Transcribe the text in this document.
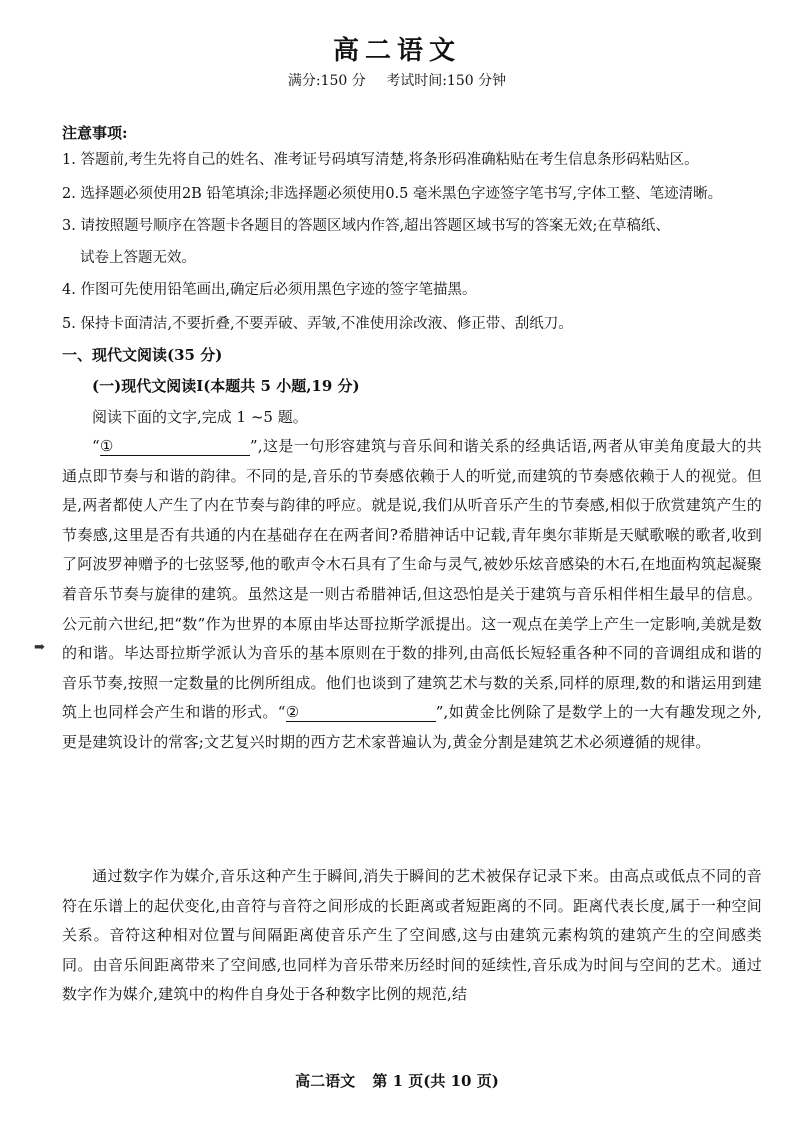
高二语文
满分:150 分 考试时间:150 分钟
注意事项:
1. 答题前,考生先将自己的姓名、准考证号码填写清楚,将条形码准确粘贴在考生信息条形码粘贴区。
2. 选择题必须使用2B 铅笔填涂;非选择题必须使用0.5 毫米黑色字迹签字笔书写,字体工整、笔迹清晰。
3. 请按照题号顺序在答题卡各题目的答题区域内作答,超出答题区域书写的答案无效;在草稿纸、
试卷上答题无效。
4. 作图可先使用铅笔画出,确定后必须用黑色字迹的签字笔描黑。
5. 保持卡面清洁,不要折叠,不要弄破、弄皱,不准使用涂改液、修正带、刮纸刀。
一、现代文阅读(35 分)
(一)现代文阅读Ⅰ(本题共 5 小题,19 分)
阅读下面的文字,完成 1 ~5 题。
➡
“①	”,这是一句形容建筑与音乐间和谐关系的经典话语,两者从审美角度最大的共通点即节奏与和谐的韵律。不同的是,音乐的节奏感依赖于人的听觉,而建筑的节奏感依赖于人的视觉。但是,两者都使人产生了内在节奏与韵律的呼应。就是说,我们从听音乐产生的节奏感,相似于欣赏建筑产生的节奏感,这里是否有共通的内在基础存在在两者间?希腊神话中记载,青年奥尔菲斯是天赋歌喉的歌者,收到了阿波罗神赠予的七弦竖琴,他的歌声令木石具有了生命与灵气,被妙乐炫音感染的木石,在地面构筑起凝聚着音乐节奏与旋律的建筑。虽然这是一则古希腊神话,但这恐怕是关于建筑与音乐相伴相生最早的信息。公元前六世纪,把“数”作为世界的本原由毕达哥拉斯学派提出。这一观点在美学上产生一定影响,美就是数的和谐。毕达哥拉斯学派认为音乐的基本原则在于数的排列,由高低长短轻重各种不同的音调组成和谐的音乐节奏,按照一定数量的比例所组成。他们也谈到了建筑艺术与数的关系,同样的原理,数的和谐运用到建筑上也同样会产生和谐的形式。“②	”,如黄金比例除了是数学上的一大有趣发现之外,更是建筑设计的常客;文艺复兴时期的西方艺术家普遍认为,黄金分割是建筑艺术必须遵循的规律。
通过数字作为媒介,音乐这种产生于瞬间,消失于瞬间的艺术被保存记录下来。由高点或低点不同的音符在乐谱上的起伏变化,由音符与音符之间形成的长距离或者短距离的不同。距离代表长度,属于一种空间关系。音符这种相对位置与间隔距离使音乐产生了空间感,这与由建筑元素构筑的建筑产生的空间感类同。由音乐间距离带来了空间感,也同样为音乐带来历经时间的延续性,音乐成为时间与空间的艺术。通过数字作为媒介,建筑中的构件自身处于各种数字比例的规范,结
高二语文 第 1 页(共 10 页)
